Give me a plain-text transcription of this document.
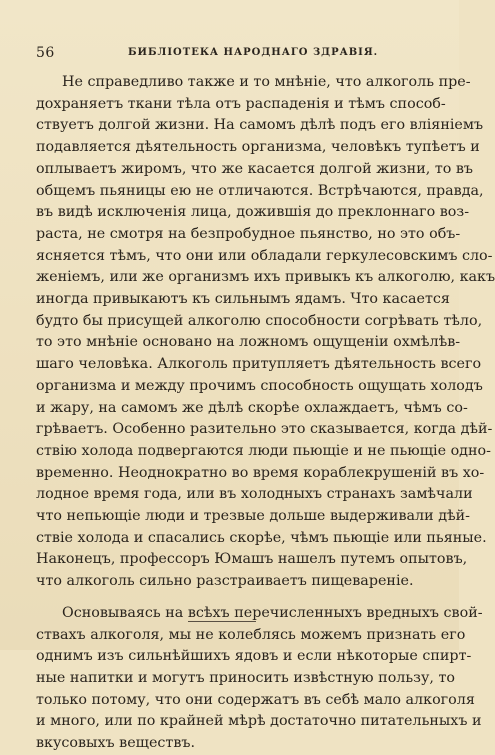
56	БИБЛIОТЕКА НАРОДНАГО ЗДРАВIЯ.
Не справедливо также и то мнѣнiе, что алкоголь пре-
дохраняетъ ткани тѣла отъ распаденiя и тѣмъ способ-
ствуетъ долгой жизни. На самомъ дѣлѣ подъ его влiянiемъ
подавляется дѣятельность организма, человѣкъ тупѣетъ и
оплываетъ жиромъ, что же касается долгой жизни, то въ
общемъ пьяницы ею не отличаются. Встрѣчаются, правда,
въ видѣ исключенiя лица, дожившiя до преклоннаго воз-
раста, не смотря на безпробудное пьянство, но это объ-
ясняется тѣмъ, что они или обладали геркулесовскимъ сло-
женiемъ, или же организмъ ихъ привыкъ къ алкоголю, какъ
иногда привыкаютъ къ сильнымъ ядамъ. Что касается
будто бы присущей алкоголю способности согрѣвать тѣло,
то это мнѣнiе основано на ложномъ ощущенiи охмѣлѣв-
шаго человѣка. Алкоголь притупляетъ дѣятельность всего
организма и между прочимъ способность ощущать холодъ
и жару, на самомъ же дѣлѣ скорѣе охлаждаетъ, чѣмъ со-
грѣваетъ. Особенно разительно это сказывается, когда дѣй-
ствiю холода подвергаются люди пьющiе и не пьющiе одно-
временно. Неоднократно во время кораблекрушенiй въ хо-
лодное время года, или въ холодныхъ странахъ замѣчали
что непьющiе люди и трезвые дольше выдерживали дѣй-
ствiе холода и спасались скорѣе, чѣмъ пьющiе или пьяные.
Наконецъ, профессоръ Юмашъ нашелъ путемъ опытовъ,
что алкоголь сильно разстраиваетъ пищеваренiе.
Основываясь на всѣхъ перечисленныхъ вредныхъ свой-
ствахъ алкоголя, мы не колеблясь можемъ признать его
однимъ изъ сильнѣйшихъ ядовъ и если нѣкоторые спирт-
ные напитки и могутъ приносить извѣстную пользу, то
только потому, что они содержатъ въ себѣ мало алкоголя
и много, или по крайней мѣрѣ достаточно питательныхъ и
вкусовыхъ веществъ.
